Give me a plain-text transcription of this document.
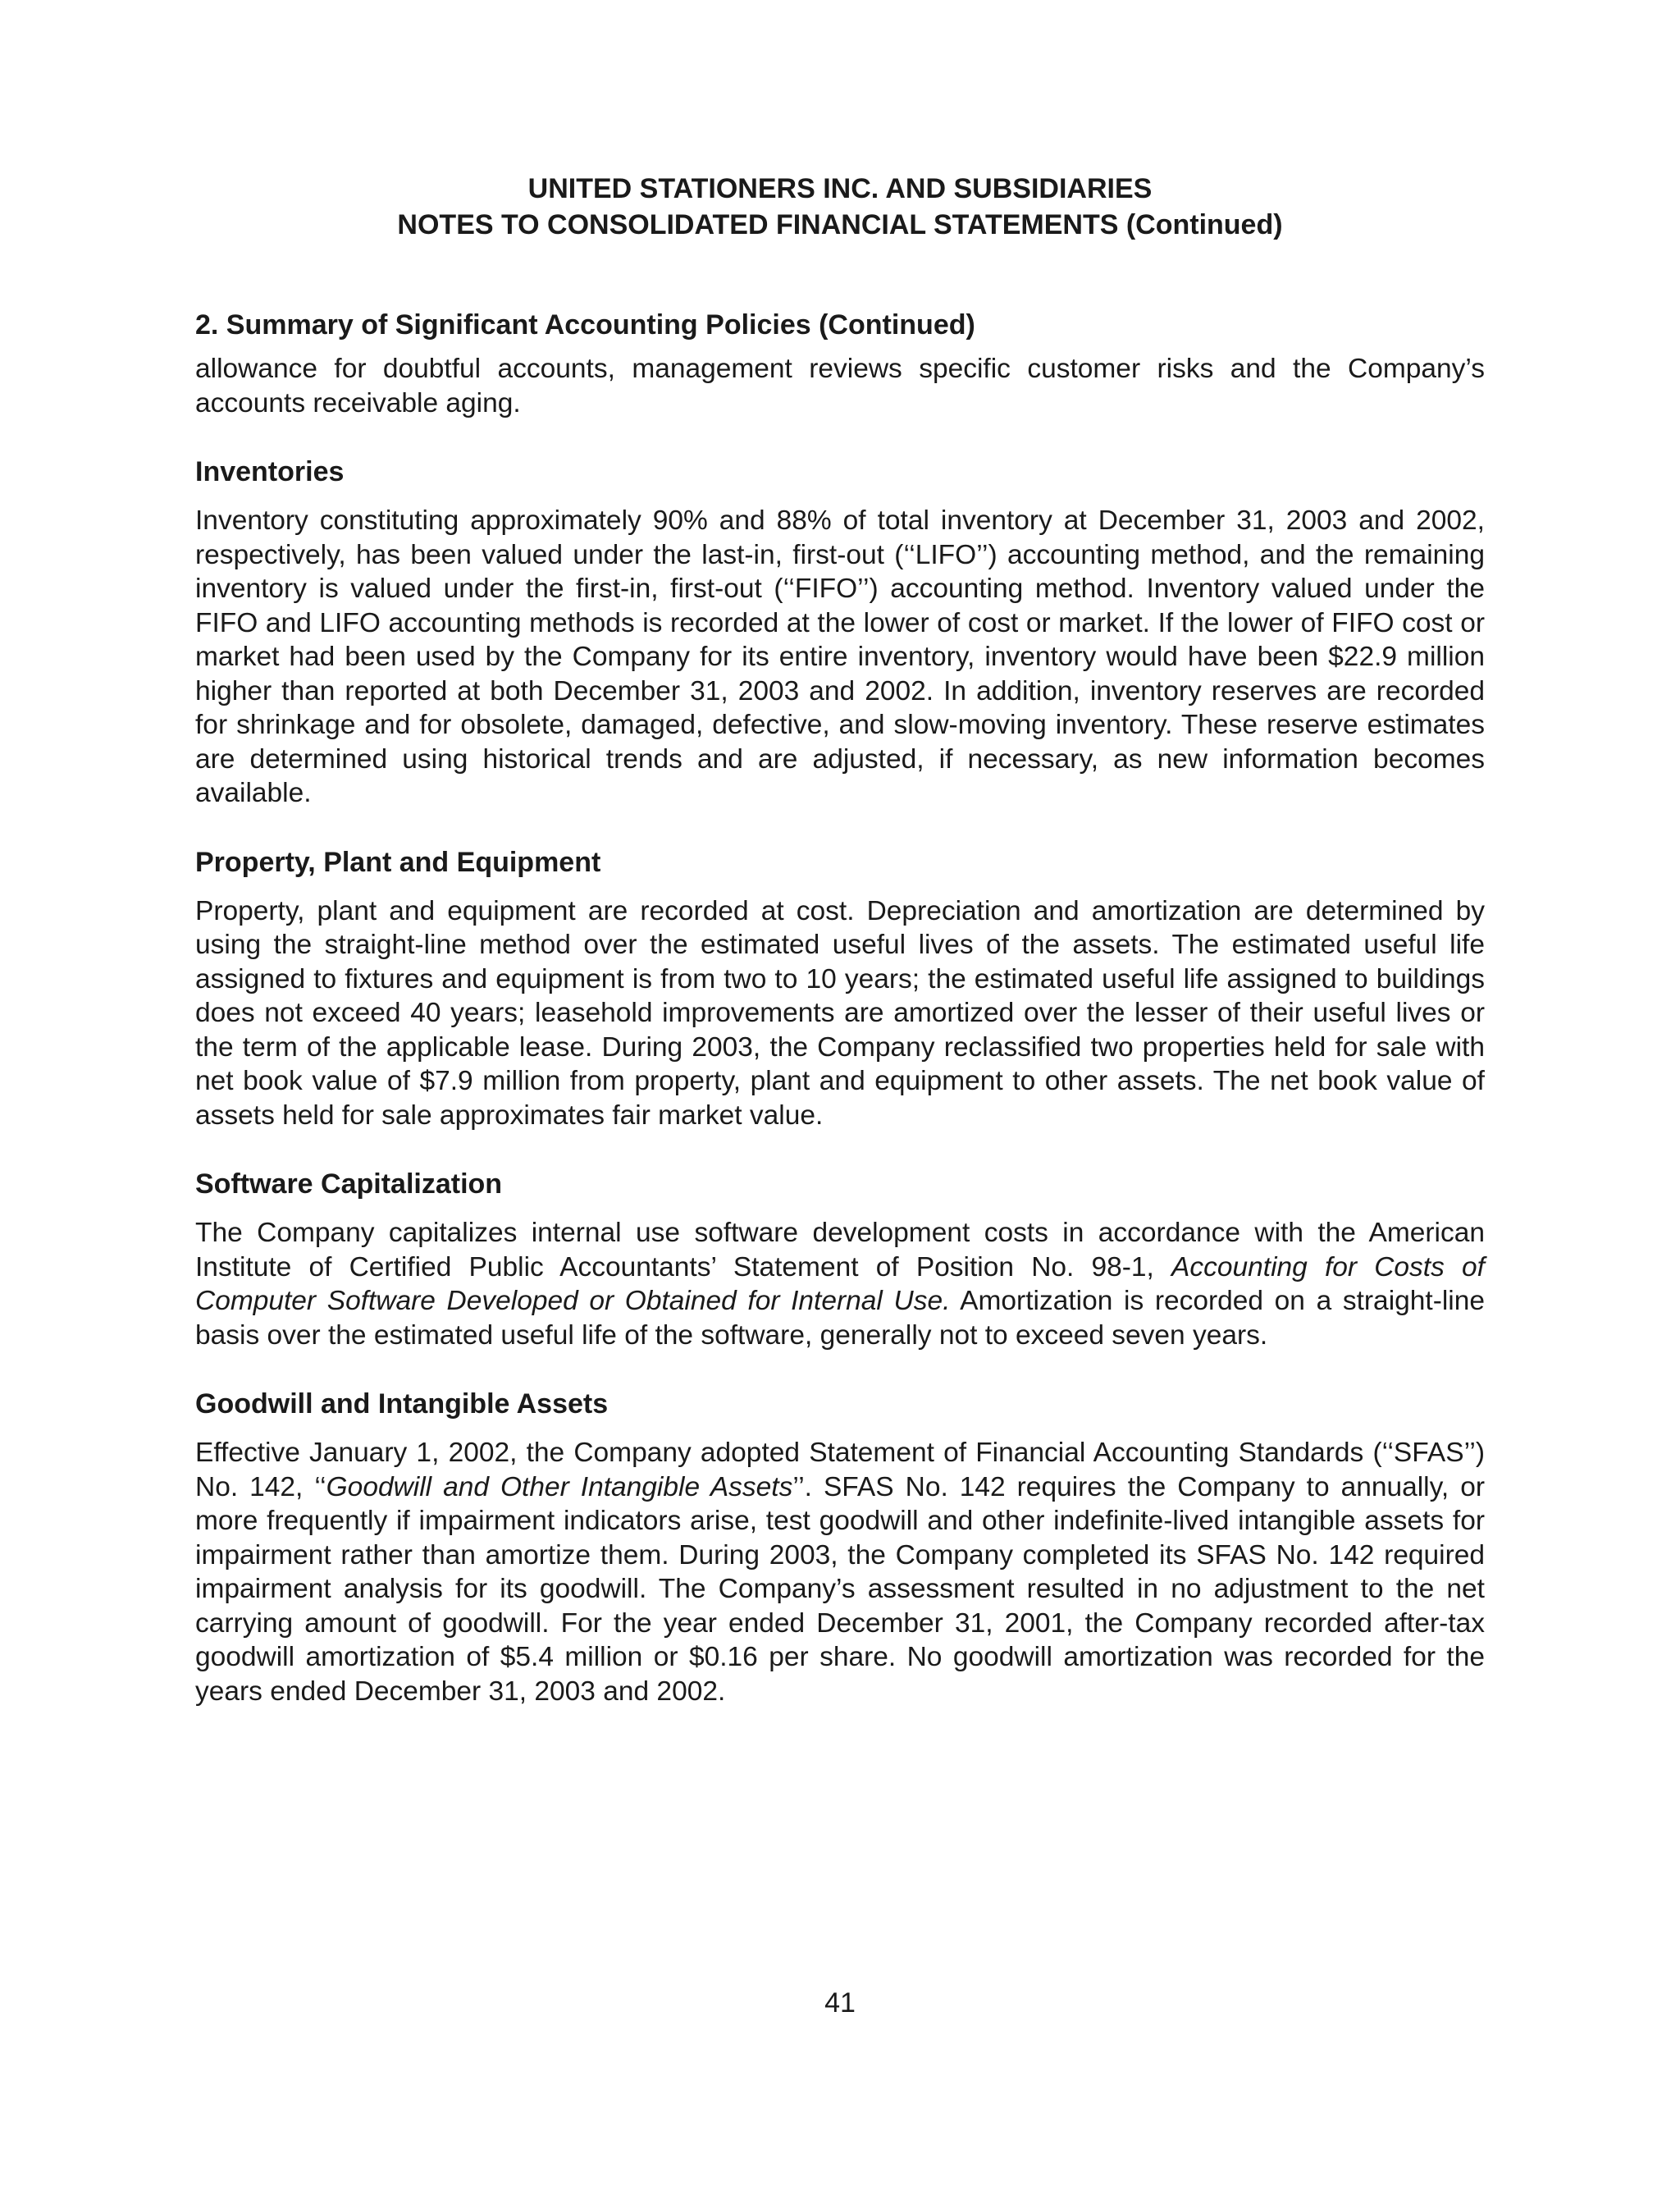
UNITED STATIONERS INC. AND SUBSIDIARIES
NOTES TO CONSOLIDATED FINANCIAL STATEMENTS (Continued)

2. Summary of Significant Accounting Policies (Continued)

allowance for doubtful accounts, management reviews specific customer risks and the Company’s accounts receivable aging.

Inventories

Inventory constituting approximately 90% and 88% of total inventory at December 31, 2003 and 2002, respectively, has been valued under the last-in, first-out (‘‘LIFO’’) accounting method, and the remaining inventory is valued under the first-in, first-out (‘‘FIFO’’) accounting method. Inventory valued under the FIFO and LIFO accounting methods is recorded at the lower of cost or market. If the lower of FIFO cost or market had been used by the Company for its entire inventory, inventory would have been $22.9 million higher than reported at both December 31, 2003 and 2002. In addition, inventory reserves are recorded for shrinkage and for obsolete, damaged, defective, and slow-moving inventory. These reserve estimates are determined using historical trends and are adjusted, if necessary, as new information becomes available.

Property, Plant and Equipment

Property, plant and equipment are recorded at cost. Depreciation and amortization are determined by using the straight-line method over the estimated useful lives of the assets. The estimated useful life assigned to fixtures and equipment is from two to 10 years; the estimated useful life assigned to buildings does not exceed 40 years; leasehold improvements are amortized over the lesser of their useful lives or the term of the applicable lease. During 2003, the Company reclassified two properties held for sale with net book value of $7.9 million from property, plant and equipment to other assets. The net book value of assets held for sale approximates fair market value.

Software Capitalization

The Company capitalizes internal use software development costs in accordance with the American Institute of Certified Public Accountants’ Statement of Position No. 98-1, Accounting for Costs of Computer Software Developed or Obtained for Internal Use. Amortization is recorded on a straight-line basis over the estimated useful life of the software, generally not to exceed seven years.

Goodwill and Intangible Assets

Effective January 1, 2002, the Company adopted Statement of Financial Accounting Standards (‘‘SFAS’’) No. 142, ‘‘Goodwill and Other Intangible Assets’’. SFAS No. 142 requires the Company to annually, or more frequently if impairment indicators arise, test goodwill and other indefinite-lived intangible assets for impairment rather than amortize them. During 2003, the Company completed its SFAS No. 142 required impairment analysis for its goodwill. The Company’s assessment resulted in no adjustment to the net carrying amount of goodwill. For the year ended December 31, 2001, the Company recorded after-tax goodwill amortization of $5.4 million or $0.16 per share. No goodwill amortization was recorded for the years ended December 31, 2003 and 2002.

41
